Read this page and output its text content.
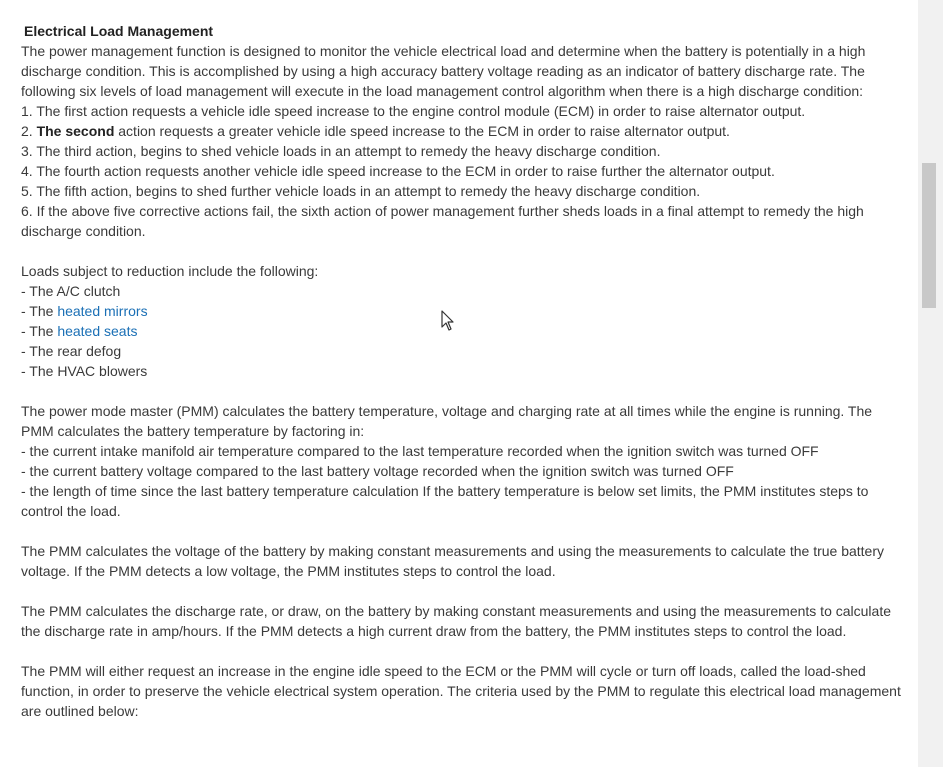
Electrical Load Management

The power management function is designed to monitor the vehicle electrical load and determine when the battery is potentially in a high discharge condition. This is accomplished by using a high accuracy battery voltage reading as an indicator of battery discharge rate. The following six levels of load management will execute in the load management control algorithm when there is a high discharge condition:

1. The first action requests a vehicle idle speed increase to the engine control module (ECM) in order to raise alternator output.

2. The second action requests a greater vehicle idle speed increase to the ECM in order to raise alternator output.

3. The third action, begins to shed vehicle loads in an attempt to remedy the heavy discharge condition.

4. The fourth action requests another vehicle idle speed increase to the ECM in order to raise further the alternator output.

5. The fifth action, begins to shed further vehicle loads in an attempt to remedy the heavy discharge condition.

6. If the above five corrective actions fail, the sixth action of power management further sheds loads in a final attempt to remedy the high discharge condition.

Loads subject to reduction include the following:

- The A/C clutch

- The heated mirrors

- The heated seats

- The rear defog

- The HVAC blowers

The power mode master (PMM) calculates the battery temperature, voltage and charging rate at all times while the engine is running. The PMM calculates the battery temperature by factoring in:

- the current intake manifold air temperature compared to the last temperature recorded when the ignition switch was turned OFF

- the current battery voltage compared to the last battery voltage recorded when the ignition switch was turned OFF

- the length of time since the last battery temperature calculation If the battery temperature is below set limits, the PMM institutes steps to control the load.

The PMM calculates the voltage of the battery by making constant measurements and using the measurements to calculate the true battery voltage. If the PMM detects a low voltage, the PMM institutes steps to control the load.

The PMM calculates the discharge rate, or draw, on the battery by making constant measurements and using the measurements to calculate the discharge rate in amp/hours. If the PMM detects a high current draw from the battery, the PMM institutes steps to control the load.

The PMM will either request an increase in the engine idle speed to the ECM or the PMM will cycle or turn off loads, called the load-shed function, in order to preserve the vehicle electrical system operation. The criteria used by the PMM to regulate this electrical load management are outlined below:
